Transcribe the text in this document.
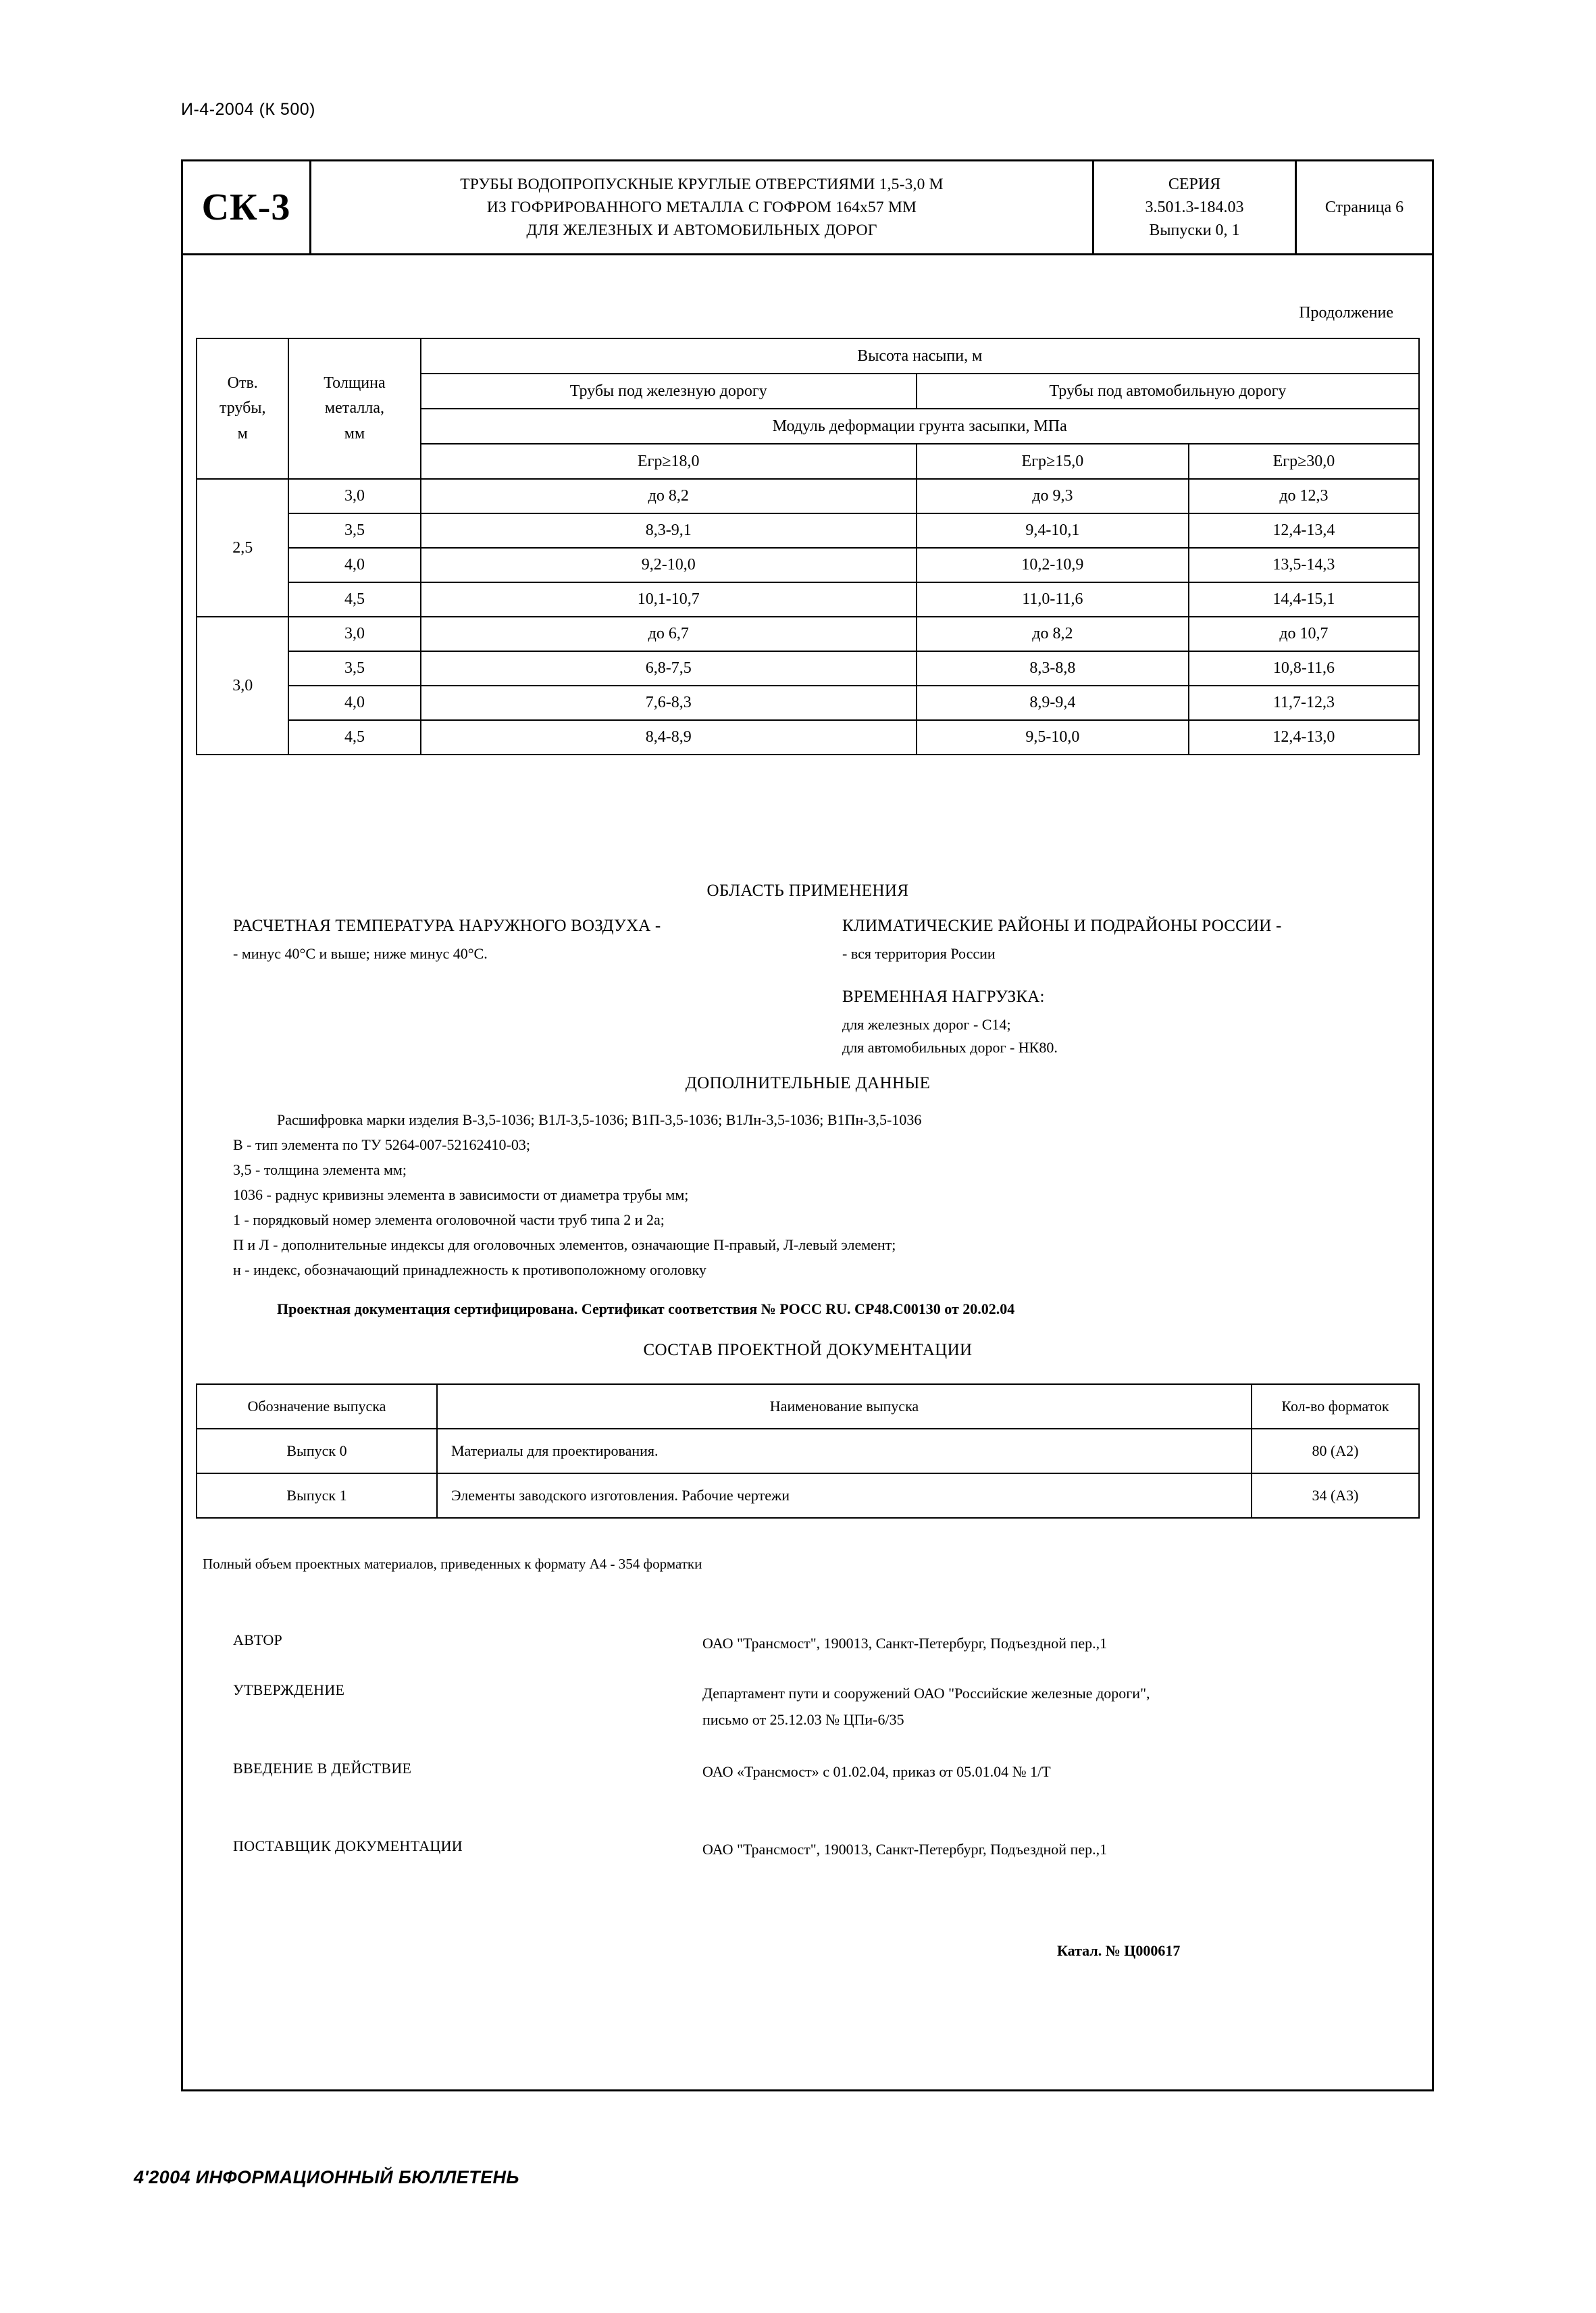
И-4-2004 (К 500)
СК-3
ТРУБЫ ВОДОПРОПУСКНЫЕ КРУГЛЫЕ ОТВЕРСТИЯМИ 1,5-3,0 М
ИЗ ГОФРИРОВАННОГО МЕТАЛЛА С ГОФРОМ 164х57 ММ
ДЛЯ ЖЕЛЕЗНЫХ И АВТОМОБИЛЬНЫХ ДОРОГ
СЕРИЯ
3.501.3-184.03
Выпуски 0, 1
Страница 6
Продолжение
Отв.
трубы,
м

Толщина
металла,
мм
	Высота насыпи, м
		Трубы под железную дорогу	Трубы под автомобильную дорогу	
		Модуль деформации грунта засыпки, МПа		
		Егр≥18,0	Егр≥15,0	Егр≥30,0
2,5	3,0	до 8,2	до 9,3	до 12,3
	3,5	8,3-9,1	9,4-10,1	12,4-13,4
	4,0	9,2-10,0	10,2-10,9	13,5-14,3
	4,5	10,1-10,7	11,0-11,6	14,4-15,1
3,0	3,0	до 6,7	до 8,2	до 10,7
	3,5	6,8-7,5	8,3-8,8	10,8-11,6
	4,0	7,6-8,3	8,9-9,4	11,7-12,3
	4,5	8,4-8,9	9,5-10,0	12,4-13,0
ОБЛАСТЬ ПРИМЕНЕНИЯ
РАСЧЕТНАЯ ТЕМПЕРАТУРА НАРУЖНОГО ВОЗДУХА -
- минус 40°С и выше; ниже минус 40°С.
КЛИМАТИЧЕСКИЕ РАЙОНЫ И ПОДРАЙОНЫ РОССИИ -
- вся территория России
ВРЕМЕННАЯ НАГРУЗКА:
для железных дорог - С14;
для автомобильных дорог - НК80.
ДОПОЛНИТЕЛЬНЫЕ ДАННЫЕ
Расшифровка марки изделия В-3,5-1036; В1Л-3,5-1036; В1П-3,5-1036; В1Лн-3,5-1036; В1Пн-3,5-1036
В - тип элемента по ТУ 5264-007-52162410-03;
3,5 - толщина элемента мм;
1036 - раднус кривизны элемента в зависимости от диаметра трубы мм;
1 - порядковый номер элемента оголовочной части труб типа 2 и 2а;
П и Л - дополнительные индексы для оголовочных элементов, означающие П-правый, Л-левый элемент;
н - индекс, обозначающий принадлежность к противоположному оголовку
Проектная документация сертифицирована. Сертификат соответствия № РОСС RU. СР48.С00130 от 20.02.04
СОСТАВ ПРОЕКТНОЙ ДОКУМЕНТАЦИИ
Обозначение выпуска	Наименование выпуска	Кол-во форматок
Выпуск 0	Материалы для проектирования.	80 (А2)
Выпуск 1	Элементы заводского изготовления. Рабочие чертежи	34 (А3)
Полный объем проектных материалов, приведенных к формату А4 - 354 форматки
АВТОР	ОАО "Трансмост", 190013, Санкт-Петербург, Подъездной пер.,1
УТВЕРЖДЕНИЕ	Департамент пути и сооружений ОАО "Российские железные дороги",
письмо от 25.12.03 № ЦПи-6/35
ВВЕДЕНИЕ В ДЕЙСТВИЕ	ОАО «Трансмост» с 01.02.04, приказ от 05.01.04 № 1/Т
ПОСТАВЩИК ДОКУМЕНТАЦИИ	ОАО "Трансмост", 190013, Санкт-Петербург, Подъездной пер.,1
Катал. № Ц000617
4'2004 ИНФОРМАЦИОННЫЙ БЮЛЛЕТЕНЬ
